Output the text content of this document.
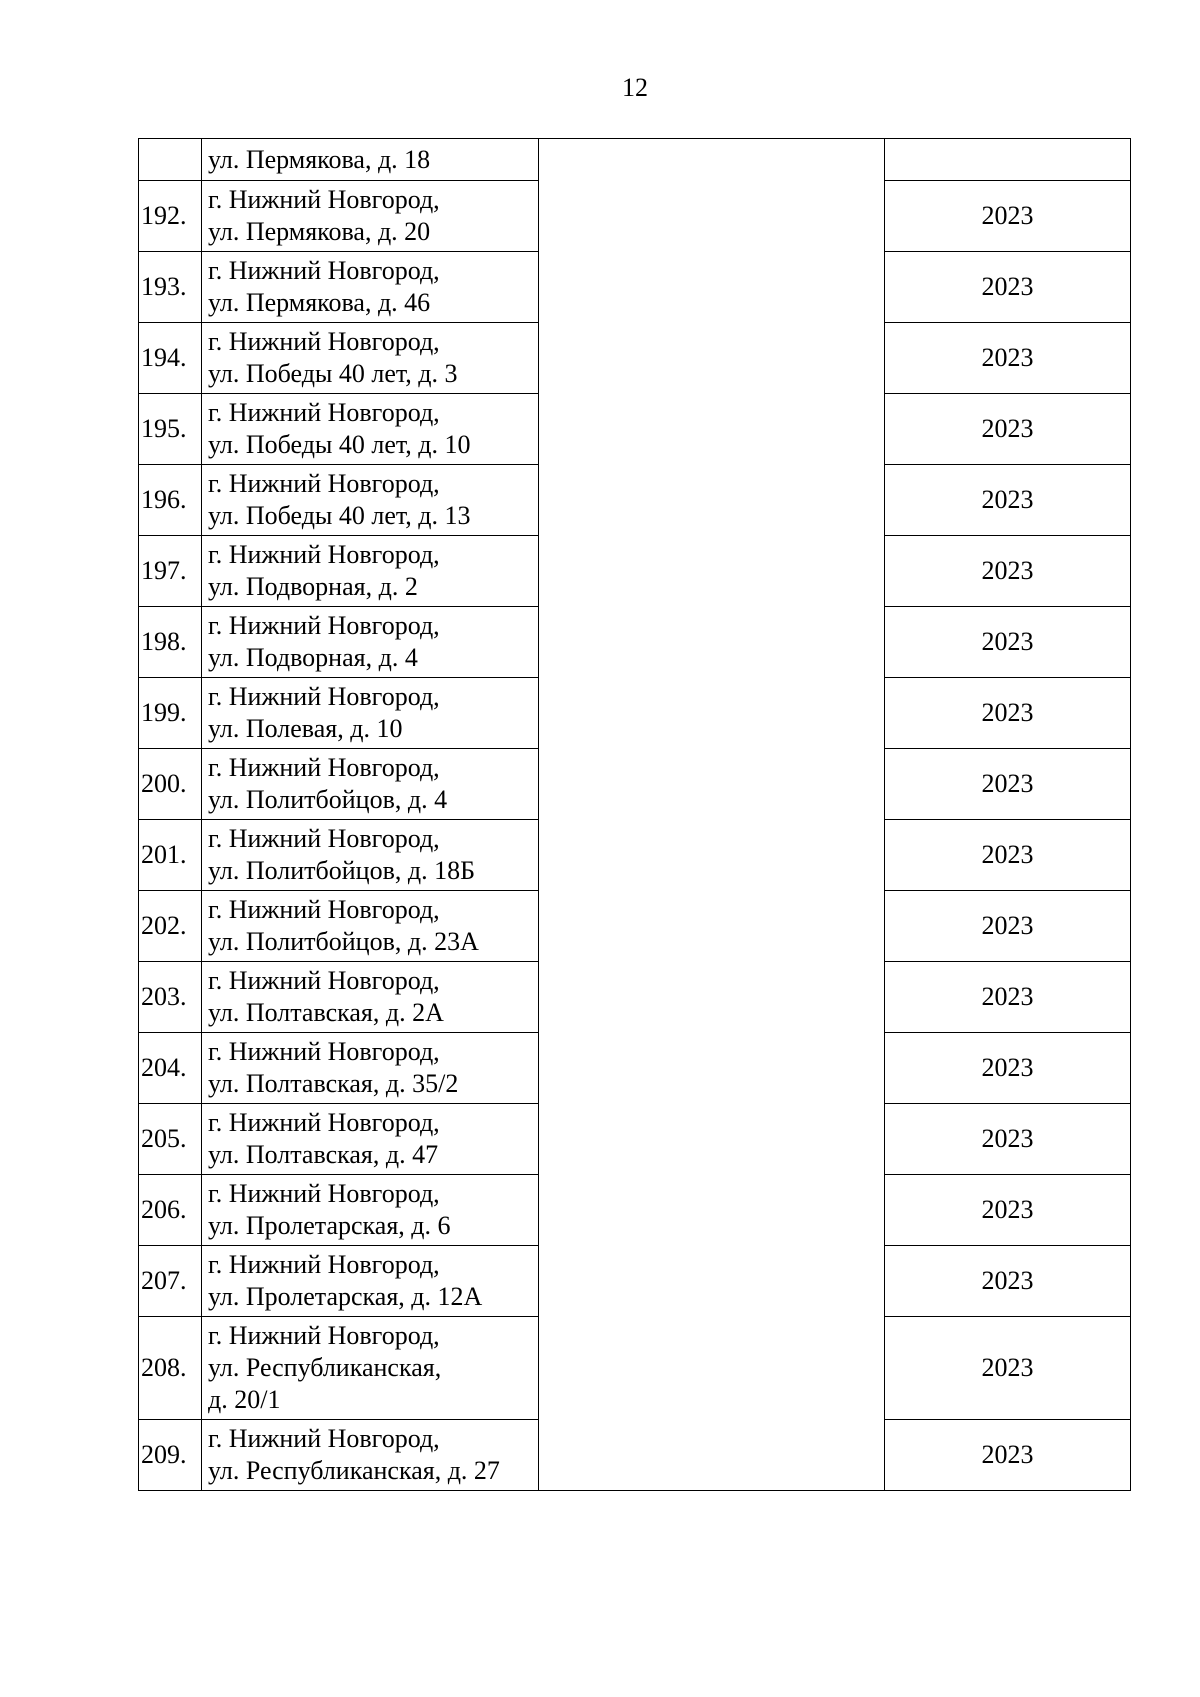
12

	ул. Пермякова, д. 18		

192.	г. Нижний Новгород,
ул. Пермякова, д. 20		2023
193.	г. Нижний Новгород,
ул. Пермякова, д. 46		2023
194.	г. Нижний Новгород,
ул. Победы 40 лет, д. 3		2023
195.	г. Нижний Новгород,
ул. Победы 40 лет, д. 10		2023
196.	г. Нижний Новгород,
ул. Победы 40 лет, д. 13		2023
197.	г. Нижний Новгород,
ул. Подворная, д. 2		2023
198.	г. Нижний Новгород,
ул. Подворная, д. 4		2023
199.	г. Нижний Новгород,
ул. Полевая, д. 10		2023
200.	г. Нижний Новгород,
ул. Политбойцов, д. 4		2023
201.	г. Нижний Новгород,
ул. Политбойцов, д. 18Б		2023
202.	г. Нижний Новгород,
ул. Политбойцов, д. 23А		2023
203.	г. Нижний Новгород,
ул. Полтавская, д. 2А		2023
204.	г. Нижний Новгород,
ул. Полтавская, д. 35/2		2023
205.	г. Нижний Новгород,
ул. Полтавская, д. 47		2023
206.	г. Нижний Новгород,
ул. Пролетарская, д. 6		2023
207.	г. Нижний Новгород,
ул. Пролетарская, д. 12А		2023
208.	г. Нижний Новгород,
ул. Республиканская,
д. 20/1		2023
209.	г. Нижний Новгород,
ул. Республиканская, д. 27		2023
